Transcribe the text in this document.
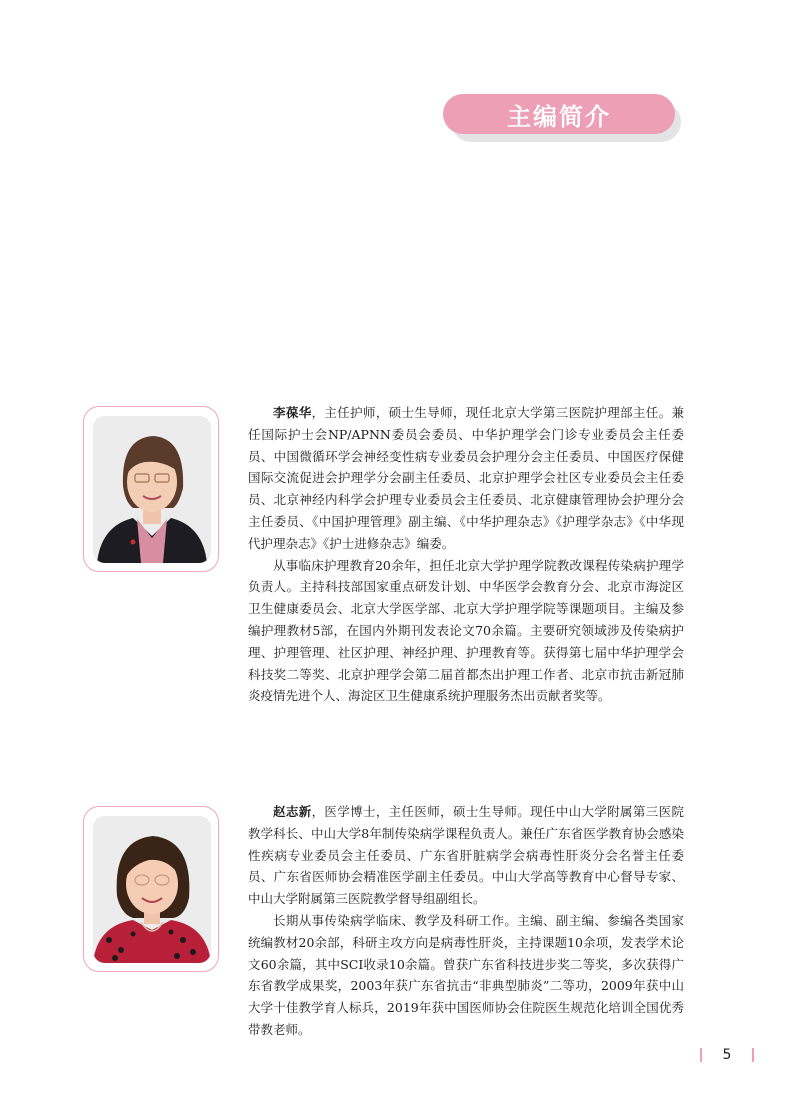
主编简介

李葆华，主任护师，硕士生导师，现任北京大学第三医院护理部主任。兼任国际护士会NP/APNN委员会委员、中华护理学会门诊专业委员会主任委员、中国微循环学会神经变性病专业委员会护理分会主任委员、中国医疗保健国际交流促进会护理学分会副主任委员、北京护理学会社区专业委员会主任委员、北京神经内科学会护理专业委员会主任委员、北京健康管理协会护理分会主任委员、《中国护理管理》副主编、《中华护理杂志》《护理学杂志》《中华现代护理杂志》《护士进修杂志》编委。

从事临床护理教育20余年，担任北京大学护理学院教改课程传染病护理学负责人。主持科技部国家重点研发计划、中华医学会教育分会、北京市海淀区卫生健康委员会、北京大学医学部、北京大学护理学院等课题项目。主编及参编护理教材5部，在国内外期刊发表论文70余篇。主要研究领域涉及传染病护理、护理管理、社区护理、神经护理、护理教育等。获得第七届中华护理学会科技奖二等奖、北京护理学会第二届首都杰出护理工作者、北京市抗击新冠肺炎疫情先进个人、海淀区卫生健康系统护理服务杰出贡献者奖等。

赵志新，医学博士，主任医师，硕士生导师。现任中山大学附属第三医院教学科长、中山大学8年制传染病学课程负责人。兼任广东省医学教育协会感染性疾病专业委员会主任委员、广东省肝脏病学会病毒性肝炎分会名誉主任委员、广东省医师协会精准医学副主任委员。中山大学高等教育中心督导专家、中山大学附属第三医院教学督导组副组长。

长期从事传染病学临床、教学及科研工作。主编、副主编、参编各类国家统编教材20余部，科研主攻方向是病毒性肝炎，主持课题10余项，发表学术论文60余篇，其中SCI收录10余篇。曾获广东省科技进步奖二等奖，多次获得广东省教学成果奖，2003年获广东省抗击“非典型肺炎”二等功，2009年获中山大学十佳教学育人标兵，2019年获中国医师协会住院医生规范化培训全国优秀带教老师。

5
